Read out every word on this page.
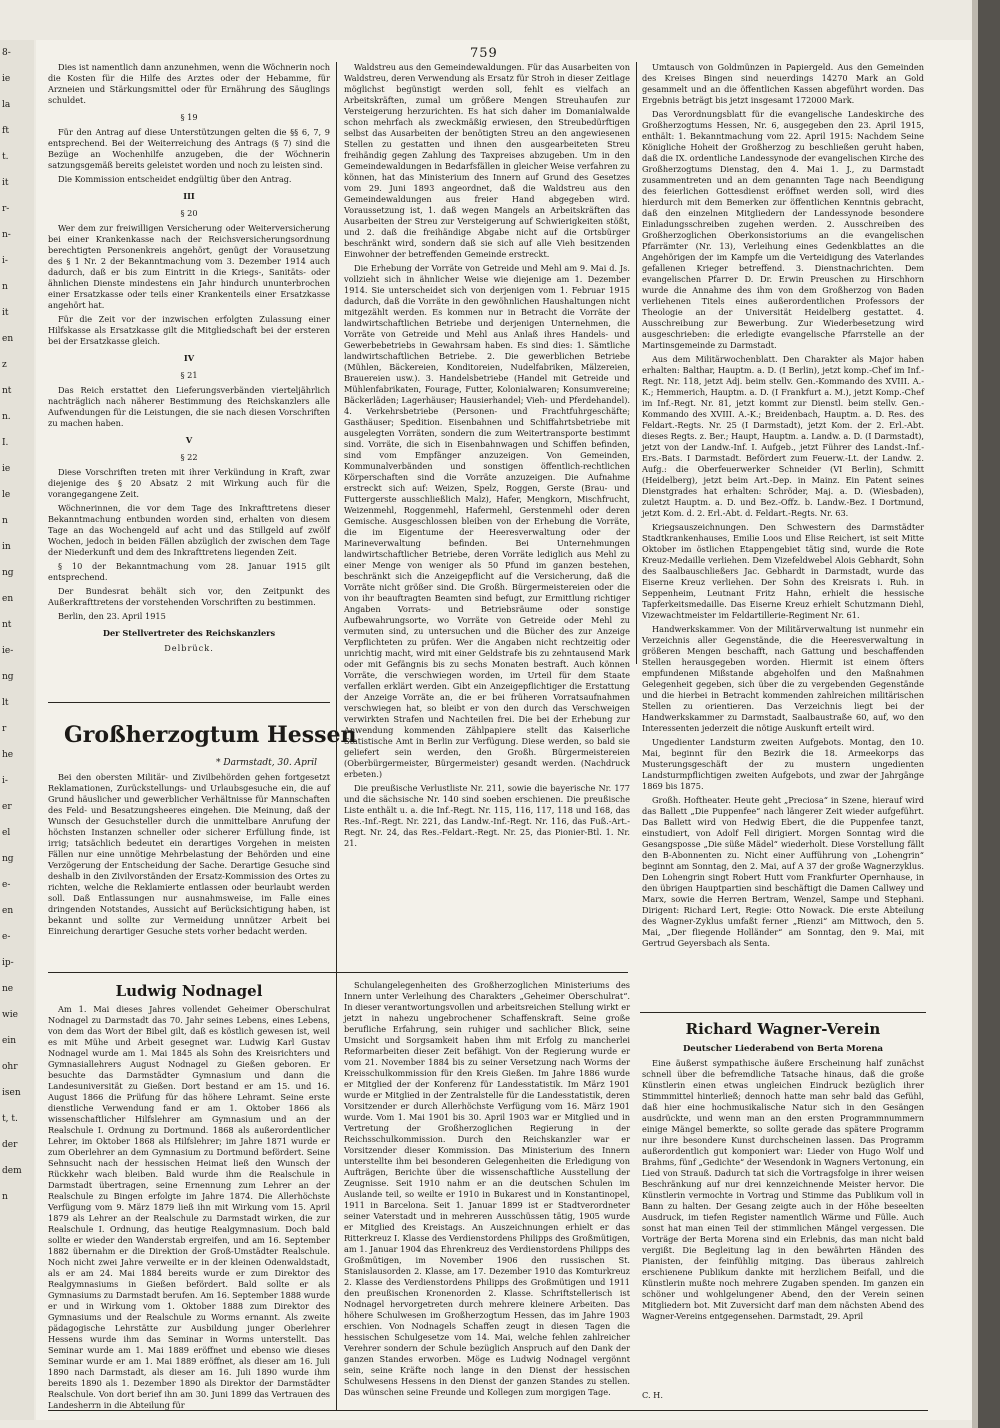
8-
ie
la
ft
t.
it
r-
n-
i-
n
it
en
z
nt
n.
I.
ie
le
n
in
ng
en
nt
ie-
ng
lt
r
he
i-
er
el
ng
e-
en
e-
ip-
ne
wie
ein
ohr
isen
t, t.
der
dem
n
759

Dies ist namentlich dann anzunehmen, wenn die Wöchnerin noch die Kosten für die Hilfe des Arztes oder der Hebamme, für Arzneien und Stärkungsmittel oder für Ernährung des Säuglings schuldet.

§ 19

Für den Antrag auf diese Unterstützungen gelten die §§ 6, 7, 9 entsprechend. Bei der Weiterreichung des Antrags (§ 7) sind die Bezüge an Wochenhilfe anzugeben, die der Wöchnerin satzungsgemäß bereits geleistet worden und noch zu leisten sind.

Die Kommission entscheidet endgültig über den Antrag.

III

§ 20

Wer dem zur freiwilligen Versicherung oder Weiterversicherung bei einer Krankenkasse nach der Reichsversicherungsordnung berechtigten Personenkreis angehört, genügt der Vorausetzung des § 1 Nr. 2 der Bekanntmachung vom 3. Dezember 1914 auch dadurch, daß er bis zum Eintritt in die Kriegs-, Sanitäts- oder ähnlichen Dienste mindestens ein Jahr hindurch ununterbrochen einer Ersatzkasse oder teils einer Krankenteils einer Ersatzkasse angehört hat.

Für die Zeit vor der inzwischen erfolgten Zulassung einer Hilfskasse als Ersatzkasse gilt die Mitgliedschaft bei der ersteren bei der Ersatzkasse gleich.

IV

§ 21

Das Reich erstattet den Lieferungsverbänden vierteljährlich nachträglich nach näherer Bestimmung des Reichskanzlers alle Aufwendungen für die Leistungen, die sie nach diesen Vorschriften zu machen haben.

V

§ 22

Diese Vorschriften treten mit ihrer Verkündung in Kraft, zwar diejenige des § 20 Absatz 2 mit Wirkung auch für die vorangegangene Zeit.

Wöchnerinnen, die vor dem Tage des Inkrafttretens dieser Bekanntmachung entbunden worden sind, erhalten von diesem Tage an das Wochengeld auf acht und das Stillgeld auf zwölf Wochen, jedoch in beiden Fällen abzüglich der zwischen dem Tage der Niederkunft und dem des Inkrafttretens liegenden Zeit.

§ 10 der Bekanntmachung vom 28. Januar 1915 gilt entsprechend.

Der Bundesrat behält sich vor, den Zeitpunkt des Außerkrafttretens der vorstehenden Vorschriften zu bestimmen.

Berlin, den 23. April 1915

Der Stellvertreter des Reichskanzlers

Delbrück.

Großherzogtum Hessen
* Darmstadt, 30. April

Bei den obersten Militär- und Zivilbehörden gehen fortgesetzt Reklamationen, Zurückstellungs- und Urlaubsgesuche ein, die auf Grund häuslicher und gewerblicher Verhältnisse für Mannschaften des Feld- und Besatzungsheeres eingehen. Die Meinung, daß der Wunsch der Gesuchsteller durch die unmittelbare Anrufung der höchsten Instanzen schneller oder sicherer Erfüllung finde, ist irrig; tatsächlich bedeutet ein derartiges Vorgehen in meisten Fällen nur eine unnötige Mehrbelastung der Behörden und eine Verzögerung der Entscheidung der Sache. Derartige Gesuche sind deshalb in den Zivilvorständen der Ersatz-Kommission des Ortes zu richten, welche die Reklamierte entlassen oder beurlaubt werden soll. Daß Entlassungen nur ausnahmsweise, im Falle eines dringenden Notstandes, Aussicht auf Berücksichtigung haben, ist bekannt und sollte zur Vermeidung unnützer Arbeit bei Einreichung derartiger Gesuche stets vorher bedacht werden.

Waldstreu aus den Gemeindewaldungen. Für das Ausarbeiten von Waldstreu, deren Verwendung als Ersatz für Stroh in dieser Zeitlage möglichst begünstigt werden soll, fehlt es vielfach an Arbeitskräften, zumal um größere Mengen Streuhaufen zur Versteigerung herzurichten. Es hat sich daher im Domanialwalde schon mehrfach als zweckmäßig erwiesen, den Streubedürftigen selbst das Ausarbeiten der benötigten Streu an den angewiesenen Stellen zu gestatten und ihnen den ausgearbeiteten Streu freihändig gegen Zahlung des Taxpreises abzugeben. Um in den Gemeindewaldungen in Bedarfsfällen in gleicher Weise verfahren zu können, hat das Ministerium des Innern auf Grund des Gesetzes vom 29. Juni 1893 angeordnet, daß die Waldstreu aus den Gemeindewaldungen aus freier Hand abgegeben wird. Voraussetzung ist, 1. daß wegen Mangels an Arbeitskräften das Ausarbeiten der Streu zur Versteigerung auf Schwierigkeiten stößt, und 2. daß die freihändige Abgabe nicht auf die Ortsbürger beschränkt wird, sondern daß sie sich auf alle Vieh besitzenden Einwohner der betreffenden Gemeinde erstreckt.

Die Erhebung der Vorräte von Getreide und Mehl am 9. Mai d. Js. vollzieht sich in ähnlicher Weise wie diejenige am 1. Dezember 1914. Sie unterscheidet sich von derjenigen vom 1. Februar 1915 dadurch, daß die Vorräte in den gewöhnlichen Haushaltungen nicht mitgezählt werden. Es kommen nur in Betracht die Vorräte der landwirtschaftlichen Betriebe und derjenigen Unternehmen, die Vorräte von Getreide und Mehl aus Anlaß ihres Handels- und Gewerbebetriebs in Gewahrsam haben. Es sind dies: 1. Sämtliche landwirtschaftlichen Betriebe. 2. Die gewerblichen Betriebe (Mühlen, Bäckereien, Konditoreien, Nudelfabriken, Mälzereien, Brauereien usw.). 3. Handelsbetriebe (Handel mit Getreide und Mühlenfabrikaten, Fourage, Futter, Kolonialwaren; Konsumvereine; Bäckerläden; Lagerhäuser; Hausierhandel; Vieh- und Pferdehandel). 4. Verkehrsbetriebe (Personen- und Frachtfuhrgeschäfte; Gasthäuser; Spedition. Eisenbahnen und Schiffahrtsbetriebe mit ausgelegten Vorräten, sondern die zum Weitertransporte bestimmt sind. Vorräte, die sich in Eisenbahnwagen und Schiffen befinden, sind vom Empfänger anzuzeigen. Von Gemeinden, Kommunalverbänden und sonstigen öffentlich-rechtlichen Körperschaften sind die Vorräte anzuzeigen. Die Aufnahme erstreckt sich auf: Weizen, Spelz, Roggen, Gerste (Brau- und Futtergerste ausschließlich Malz), Hafer, Mengkorn, Mischfrucht, Weizenmehl, Roggenmehl, Hafermehl, Gerstenmehl oder deren Gemische. Ausgeschlossen bleiben von der Erhebung die Vorräte, die im Eigentume der Heeresverwaltung oder der Marineverwaltung befinden. Bei Unternehmungen landwirtschaftlicher Betriebe, deren Vorräte lediglich aus Mehl zu einer Menge von weniger als 50 Pfund im ganzen bestehen, beschränkt sich die Anzeigepflicht auf die Versicherung, daß die Vorräte nicht größer sind. Die Großh. Bürgermeistereien oder die von ihr beauftragten Beamten sind befugt, zur Ermittlung richtiger Angaben Vorrats- und Betriebsräume oder sonstige Aufbewahrungsorte, wo Vorräte von Getreide oder Mehl zu vermuten sind, zu untersuchen und die Bücher des zur Anzeige Verpflichteten zu prüfen. Wer die Angaben nicht rechtzeitig oder unrichtig macht, wird mit einer Geldstrafe bis zu zehntausend Mark oder mit Gefängnis bis zu sechs Monaten bestraft. Auch können Vorräte, die verschwiegen worden, im Urteil für dem Staate verfallen erklärt werden. Gibt ein Anzeigepflichtiger die Erstattung der Anzeige Vorräte an, die er bei früheren Vorratsaufnahmen verschwiegen hat, so bleibt er von den durch das Verschweigen verwirkten Strafen und Nachteilen frei. Die bei der Erhebung zur Anwendung kommenden Zählpapiere stellt das Kaiserliche Statistische Amt in Berlin zur Verfügung. Diese werden, so bald sie geliefert sein werden, den Großh. Bürgermeistereien (Oberbürgermeister, Bürgermeister) gesandt werden. (Nachdruck erbeten.)

Die preußische Verlustliste Nr. 211, sowie die bayerische Nr. 177 und die sächsische Nr. 140 sind soeben erschienen. Die preußische Liste enthält u. a. die Inf.-Regt. Nr. 115, 116, 117, 118 und 168, das Res.-Inf.-Regt. Nr. 221, das Landw.-Inf.-Regt. Nr. 116, das Fuß.-Art.-Regt. Nr. 24, das Res.-Feldart.-Regt. Nr. 25, das Pionier-Btl. 1. Nr. 21.

Umtausch von Goldmünzen in Papiergeld. Aus den Gemeinden des Kreises Bingen sind neuerdings 14270 Mark an Gold gesammelt und an die öffentlichen Kassen abgeführt worden. Das Ergebnis beträgt bis jetzt insgesamt 172000 Mark.

Das Verordnungsblatt für die evangelische Landeskirche des Großherzogtums Hessen, Nr. 6, ausgegeben den 23. April 1915, enthält: 1. Bekanntmachung vom 22. April 1915: Nachdem Seine Königliche Hoheit der Großherzog zu beschließen geruht haben, daß die IX. ordentliche Landessynode der evangelischen Kirche des Großherzogtums Dienstag, den 4. Mai 1. J., zu Darmstadt zusammentreten und an dem genannten Tage nach Beendigung des feierlichen Gottesdienst eröffnet werden soll, wird dies hierdurch mit dem Bemerken zur öffentlichen Kenntnis gebracht, daß den einzelnen Mitgliedern der Landessynode besondere Einladungsschreiben zugehen werden. 2. Ausschreiben des Großherzoglichen Oberkonsistoriums an die evangelischen Pfarrämter (Nr. 13), Verleihung eines Gedenkblattes an die Angehörigen der im Kampfe um die Verteidigung des Vaterlandes gefallenen Krieger betreffend. 3. Dienstnachrichten. Dem evangelischen Pfarrer D. Dr. Erwin Preuschen zu Hirschhorn wurde die Annahme des ihm von dem Großherzog von Baden verliehenen Titels eines außerordentlichen Professors der Theologie an der Universität Heidelberg gestattet. 4. Ausschreibung zur Bewerbung. Zur Wiederbesetzung wird ausgeschrieben: die erledigte evangelische Pfarrstelle an der Martinsgemeinde zu Darmstadt.

Aus dem Militärwochenblatt. Den Charakter als Major haben erhalten: Balthar, Hauptm. a. D. (I Berlin), jetzt komp.-Chef im Inf.-Regt. Nr. 118, jetzt Adj. beim stellv. Gen.-Kommando des XVIII. A.-K.; Hemmerich, Hauptm. a. D. (I Frankfurt a. M.), jetzt Komp.-Chef im Inf.-Regt. Nr. 81, jetzt kommt zur Dienstl. beim stellv. Gen.-Kommando des XVIII. A.-K.; Breidenbach, Hauptm. a. D. Res. des Feldart.-Regts. Nr. 25 (I Darmstadt), jetzt Kom. der 2. Erl.-Abt. dieses Regts. z. Ber.; Haupt, Hauptm. a. Landw. a. D. (I Darmstadt), jetzt von der Landw.-Inf. I. Aufgeb., jetzt Führer des Landst.-Inf.-Ers.-Bats. I Darmstadt. Befördert zum Feuerw.-Lt. der Landw. 2. Aufg.: die Oberfeuerwerker Schneider (VI Berlin), Schmitt (Heidelberg), jetzt beim Art.-Dep. in Mainz. Ein Patent seines Dienstgrades hat erhalten: Schröder, Maj. a. D. (Wiesbaden), zuletzt Hauptm. a. D. und Bez.-Offz. b. Landw.-Bez. I Dortmund, jetzt Kom. d. 2. Erl.-Abt. d. Feldart.-Regts. Nr. 63.

Kriegsauszeichnungen. Den Schwestern des Darmstädter Stadtkrankenhauses, Emilie Loos und Elise Reichert, ist seit Mitte Oktober im östlichen Etappengebiet tätig sind, wurde die Rote Kreuz-Medaille verliehen. Dem Vizefeldwebel Alois Gebhardt, Sohn des Saalbauschließers Jac. Gebhardt in Darmstadt, wurde das Eiserne Kreuz verliehen. Der Sohn des Kreisrats i. Ruh. in Seppenheim, Leutnant Fritz Hahn, erhielt die hessische Tapferkeitsmedaille. Das Eiserne Kreuz erhielt Schutzmann Diehl, Vizewachtmeister im Feldartillerie-Regiment Nr. 61.

Handwerkskammer. Von der Militärverwaltung ist nunmehr ein Verzeichnis aller Gegenstände, die die Heeresverwaltung in größeren Mengen beschafft, nach Gattung und beschaffenden Stellen herausgegeben worden. Hiermit ist einem öfters empfundenen Mißstande abgeholfen und den Maßnahmen Gelegenheit gegeben, sich über die zu vergebenden Gegenstände und die hierbei in Betracht kommenden zahlreichen militärischen Stellen zu orientieren. Das Verzeichnis liegt bei der Handwerkskammer zu Darmstadt, Saalbaustraße 60, auf, wo den Interessenten jederzeit die nötige Auskunft erteilt wird.

Ungedienter Landsturm zweiten Aufgebots. Montag, den 10. Mai, beginnt für den Bezirk die 18. Armeekorps das Musterungsgeschäft der zu mustern ungedienten Landsturmpflichtigen zweiten Aufgebots, und zwar der Jahrgänge 1869 bis 1875.

Großh. Hoftheater. Heute geht „Preciosa“ in Szene, hierauf wird das Ballett „Die Puppenfee“ nach längerer Zeit wieder aufgeführt. Das Ballett wird von Hedwig Ebert, die die Puppenfee tanzt, einstudiert, von Adolf Fell dirigiert. Morgen Sonntag wird die Gesangsposse „Die süße Mädel“ wiederholt. Diese Vorstellung fällt den B-Abonnenten zu. Nicht einer Aufführung von „Lohengrin“ beginnt am Sonntag, den 2. Mai, auf A 37 der große Wagnerzyklus. Den Lohengrin singt Robert Hutt vom Frankfurter Opernhause, in den übrigen Hauptpartien sind beschäftigt die Damen Callwey und Marx, sowie die Herren Bertram, Wenzel, Sampe und Stephani. Dirigent: Richard Lert, Regie: Otto Nowack. Die erste Abteilung des Wagner-Zyklus umfaßt ferner „Rienzi“ am Mittwoch, den 5. Mai, „Der fliegende Holländer“ am Sonntag, den 9. Mai, mit Gertrud Geyersbach als Senta.

Ludwig Nodnagel

Am 1. Mai dieses Jahres vollendet Geheimer Oberschulrat Nodnagel zu Darmstadt das 70. Jahr seines Lebens, eines Lebens, von dem das Wort der Bibel gilt, daß es köstlich gewesen ist, weil es mit Mühe und Arbeit gesegnet war. Ludwig Karl Gustav Nodnagel wurde am 1. Mai 1845 als Sohn des Kreisrichters und Gymnasiallehrers August Nodnagel zu Gießen geboren. Er besuchte das Darmstädter Gymnasium und dann die Landesuniversität zu Gießen. Dort bestand er am 15. und 16. August 1866 die Prüfung für das höhere Lehramt. Seine erste dienstliche Verwendung fand er am 1. Oktober 1866 als wissenschaftlicher Hilfslehrer am Gymnasium und an der Realschule I. Ordnung zu Dortmund. 1868 als außerordentlicher Lehrer, im Oktober 1868 als Hilfslehrer; im Jahre 1871 wurde er zum Oberlehrer an dem Gymnasium zu Dortmund befördert. Seine Sehnsucht nach der hessischen Heimat ließ den Wunsch der Rückkehr wach bleiben. Bald wurde ihm die Realschule in Darmstadt übertragen, seine Ernennung zum Lehrer an der Realschule zu Bingen erfolgte im Jahre 1874. Die Allerhöchste Verfügung vom 9. März 1879 ließ ihn mit Wirkung vom 15. April 1879 als Lehrer an der Realschule zu Darmstadt wirken, die zur Realschule I. Ordnung, das heutige Realgymnasium. Doch bald sollte er wieder den Wanderstab ergreifen, und am 16. September 1882 übernahm er die Direktion der Groß-Umstädter Realschule. Noch nicht zwei Jahre verweilte er in der kleinen Odenwaldstadt, als er am 24. Mai 1884 bereits wurde er zum Direktor des Realgymnasiums in Gießen befördert. Bald sollte er als Gymnasiums zu Darmstadt berufen. Am 16. September 1888 wurde er und in Wirkung vom 1. Oktober 1888 zum Direktor des Gymnasiums und der Realschule zu Worms ernannt. Als zweite pädagogische Lehrstätte zur Ausbildung junger Oberlehrer Hessens wurde ihm das Seminar in Worms unterstellt. Das Seminar wurde am 1. Mai 1889 eröffnet und ebenso wie dieses Seminar wurde er am 1. Mai 1889 eröffnet, als dieser am 16. Juli 1890 nach Darmstadt, als dieser am 16. Juli 1890 wurde ihm bereits 1890 als 1. Dezember 1890 als Direktor der Darmstädter Realschule. Von dort berief ihn am 30. Juni 1899 das Vertrauen des Landesherrn in die Abteilung für

Schulangelegenheiten des Großherzoglichen Ministeriums des Innern unter Verleihung des Charakters „Geheimer Oberschulrat“. In dieser verantwortungsvollen und arbeitsreichen Stellung wirkt er jetzt in nahezu ungebrochener Schaffenskraft. Seine große berufliche Erfahrung, sein ruhiger und sachlicher Blick, seine Umsicht und Sorgsamkeit haben ihm mit Erfolg zu mancherlei Reformarbeiten dieser Zeit befähigt. Von der Regierung wurde er vom 21. November 1884 bis zu seiner Versetzung nach Worms der Kreisschulkommission für den Kreis Gießen. Im Jahre 1886 wurde er Mitglied der der Konferenz für Landesstatistik. Im März 1901 wurde er Mitglied in der Zentralstelle für die Landesstatistik, deren Vorsitzender er durch Allerhöchste Verfügung vom 16. März 1901 wurde. Vom 1. Mai 1901 bis 30. April 1903 war er Mitglied und in Vertretung der Großherzoglichen Regierung in der Reichsschulkommission. Durch den Reichskanzler war er Vorsitzender dieser Kommission. Das Ministerium des Innern unterstellte ihm bei besonderen Gelegenheiten die Erledigung von Aufträgen, Berichte über die wissenschaftliche Ausstellung der Zeugnisse. Seit 1910 nahm er an die deutschen Schulen im Auslande teil, so weilte er 1910 in Bukarest und in Konstantinopel, 1911 in Barcelona. Seit 1. Januar 1899 ist er Stadtverordneter seiner Vaterstadt und in mehreren Ausschüssen tätig, 1905 wurde er Mitglied des Kreistags. An Auszeichnungen erhielt er das Ritterkreuz I. Klasse des Verdienstordens Philipps des Großmütigen, am 1. Januar 1904 das Ehrenkreuz des Verdienstordens Philipps des Großmütigen, im November 1906 den russischen St. Stanislausorden 2. Klasse, am 17. Dezember 1910 das Komturkreuz 2. Klasse des Verdienstordens Philipps des Großmütigen und 1911 den preußischen Kronenorden 2. Klasse. Schriftstellerisch ist Nodnagel hervorgetreten durch mehrere kleinere Arbeiten. Das höhere Schulwesen im Großherzogtum Hessen, das im Jahre 1903 erschien. Von Nodnagels Schaffen zeugt in diesen Tagen die hessischen Schulgesetze vom 14. Mai, welche fehlen zahlreicher Verehrer sondern der Schule bezüglich Anspruch auf den Dank der ganzen Standes erworben. Möge es Ludwig Nodnagel vergönnt sein, seine Kräfte noch lange in den Dienst der hessischen Schulwesens Hessens in den Dienst der ganzen Standes zu stellen. Das wünschen seine Freunde und Kollegen zum morgigen Tage.

Richard Wagner-Verein
Deutscher Liederabend von Berta Morena

Eine äußerst sympathische äußere Erscheinung half zunächst schnell über die befremdliche Tatsache hinaus, daß die große Künstlerin einen etwas ungleichen Eindruck bezüglich ihrer Stimmmittel hinterließ; dennoch hatte man sehr bald das Gefühl, daß hier eine hochmusikalische Natur sich in den Gesängen ausdrückte, und wenn man an den ersten Programmnummern einige Mängel bemerkte, so sollte gerade das spätere Programm nur ihre besondere Kunst durchscheinen lassen. Das Programm außerordentlich gut komponiert war: Lieder von Hugo Wolf und Brahms, fünf „Gedichte“ der Wesendonk in Wagners Vertonung, ein Lied von Strauß. Dadurch tat sich die Vortragsfolge in ihrer weisen Beschränkung auf nur drei kennzeichnende Meister hervor. Die Künstlerin vermochte in Vortrag und Stimme das Publikum voll in Bann zu halten. Der Gesang zeigte auch in der Höhe beseelten Ausdruck, im tiefen Register namentlich Wärme und Fülle. Auch sonst hat man einen Teil der stimmlichen Mängel vergessen. Die Vorträge der Berta Morena sind ein Erlebnis, das man nicht bald vergißt. Die Begleitung lag in den bewährten Händen des Pianisten, der feinfühlig mitging. Das überaus zahlreich erschienene Publikum dankte mit herzlichem Beifall, und die Künstlerin mußte noch mehrere Zugaben spenden. Im ganzen ein schöner und wohlgelungener Abend, den der Verein seinen Mitgliedern bot. Mit Zuversicht darf man dem nächsten Abend des Wagner-Vereins entgegensehen. Darmstadt, 29. April

C. H.
